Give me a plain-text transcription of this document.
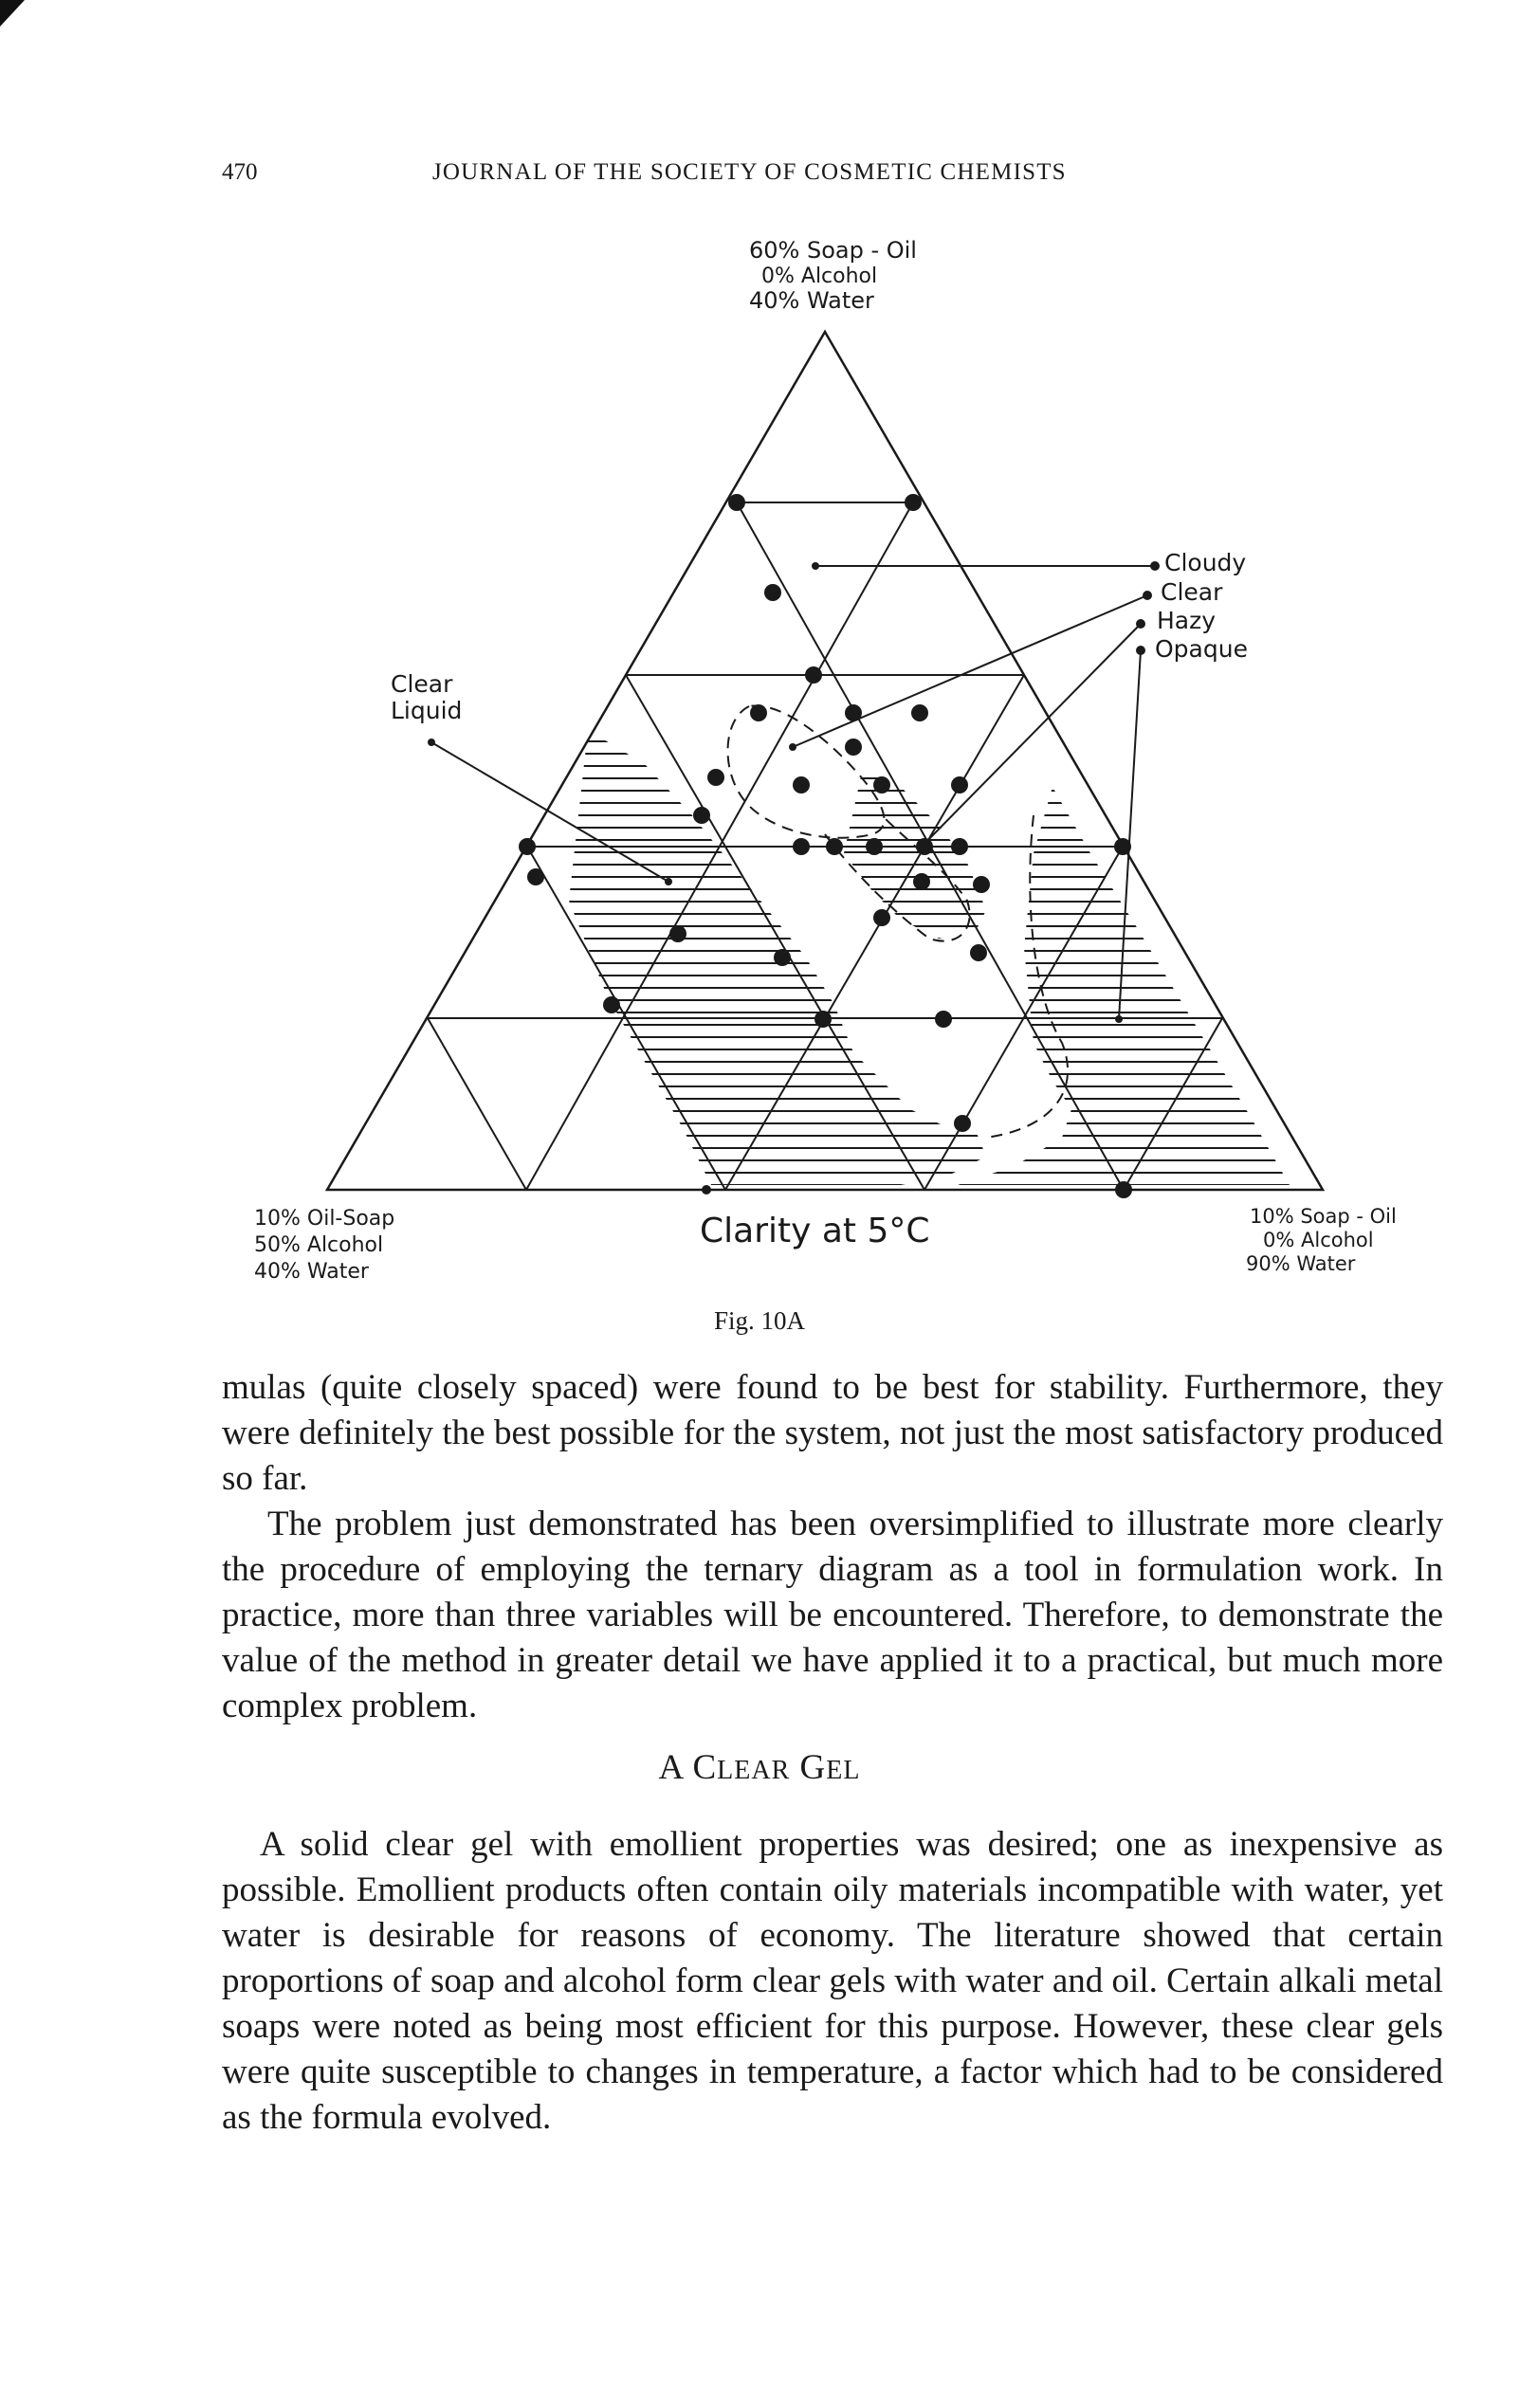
470	JOURNAL OF THE SOCIETY OF COSMETIC CHEMISTS
60% Soap - Oil
0% Alcohol
40% Water
Cloudy
Clear
Hazy
Opaque
Clear
Liquid
10% Oil-Soap
50% Alcohol
40% Water
10% Soap - Oil
0% Alcohol
90% Water
Clarity at 5°C
Fig. 10A

mulas (quite closely spaced) were found to be best for stability. Furthermore, they were definitely the best possible for the system, not just the most satisfactory produced so far.

The problem just demonstrated has been oversimplified to illustrate more clearly the procedure of employing the ternary diagram as a tool in formulation work. In practice, more than three variables will be encountered. Therefore, to demonstrate the value of the method in greater detail we have applied it to a practical, but much more complex problem.

A CLEAR GEL

A solid clear gel with emollient properties was desired; one as inexpensive as possible. Emollient products often contain oily materials incompatible with water, yet water is desirable for reasons of economy. The literature showed that certain proportions of soap and alcohol form clear gels with water and oil. Certain alkali metal soaps were noted as being most efficient for this purpose. However, these clear gels were quite susceptible to changes in temperature, a factor which had to be considered as the formula evolved.
